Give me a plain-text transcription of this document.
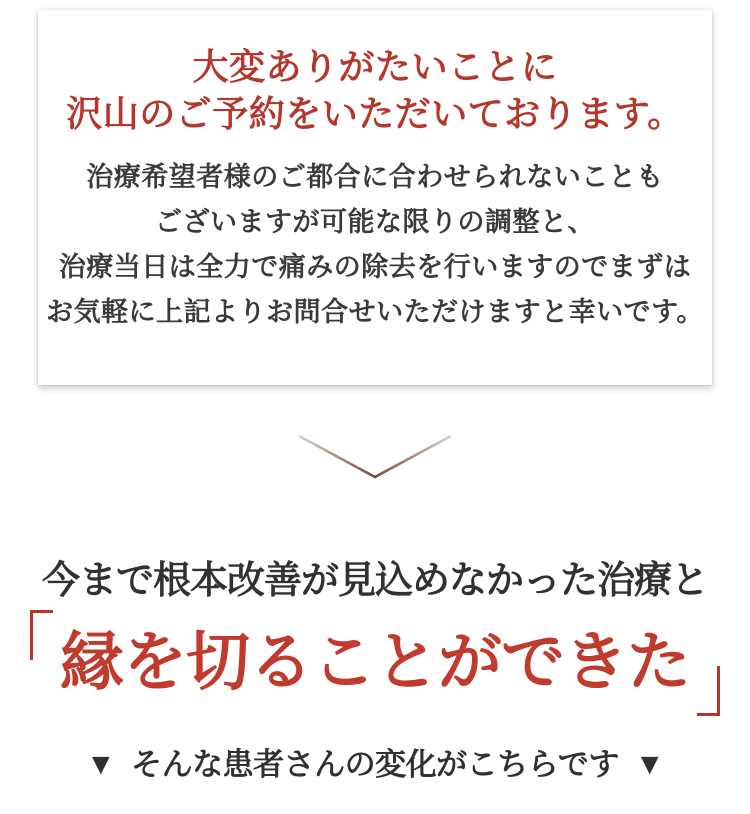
大変ありがたいことに
沢山のご予約をいただいております。
治療希望者様のご都合に合わせられないことも
ございますが可能な限りの調整と、
治療当日は全力で痛みの除去を行いますのでまずは
お気軽に上記よりお問合せいただけますと幸いです。
今まで根本改善が見込めなかった治療と
縁を切ることができた
▼ そんな患者さんの変化がこちらです ▼
